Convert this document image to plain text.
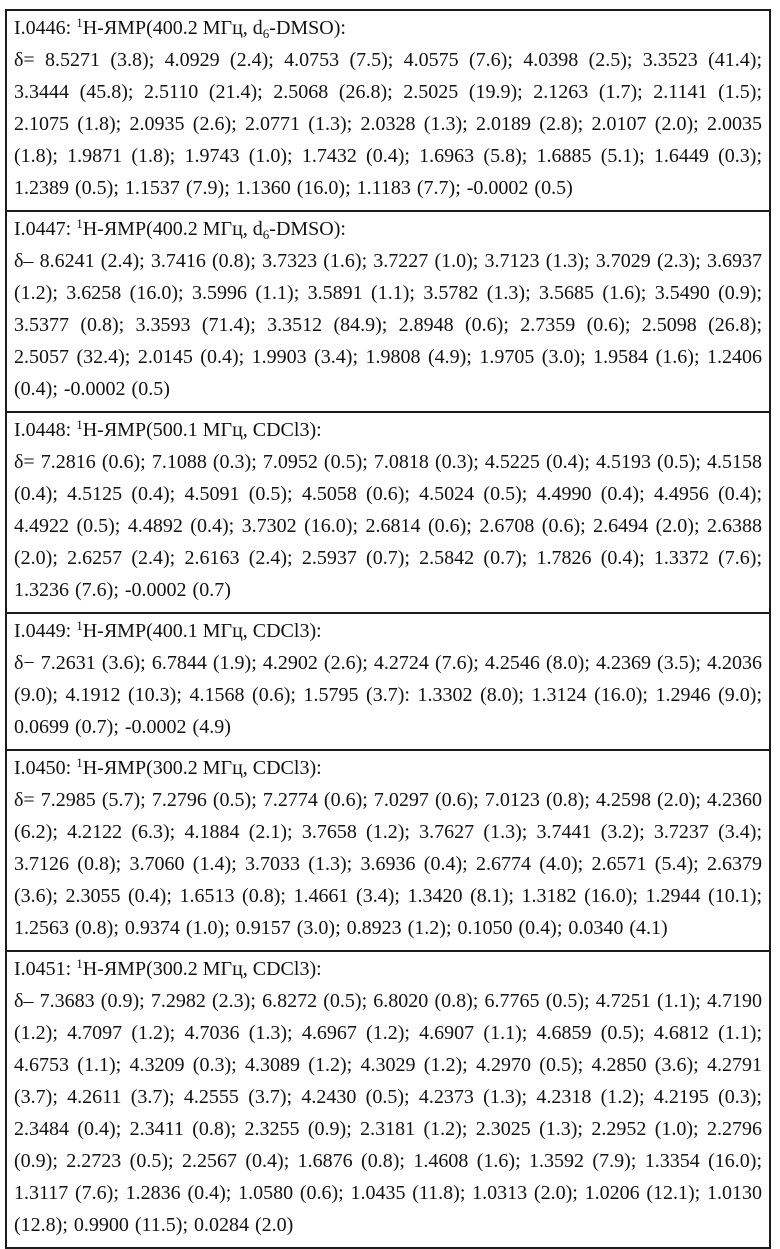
I.0446: $^1$H-ЯМР(400.2 МГц, $d_6-DMSO$):
δ= 8.5271 (3.8); 4.0929 (2.4); 4.0753 (7.5); 4.0575 (7.6); 4.0398 (2.5); 3.3523 (41.4); 3.3444 (45.8); 2.5110 (21.4); 2.5068 (26.8); 2.5025 (19.9); 2.1263 (1.7); 2.1141 (1.5); 2.1075 (1.8); 2.0935 (2.6); 2.0771 (1.3); 2.0328 (1.3); 2.0189 (2.8); 2.0107 (2.0); 2.0035 (1.8); 1.9871 (1.8); 1.9743 (1.0); 1.7432 (0.4); 1.6963 (5.8); 1.6885 (5.1); 1.6449 (0.3); 1.2389 (0.5); 1.1537 (7.9); 1.1360 (16.0); 1.1183 (7.7); -0.0002 (0.5)
I.0447: $^1$H-ЯМР(400.2 МГц, $d_6-DMSO$):
δ– 8.6241 (2.4); 3.7416 (0.8); 3.7323 (1.6); 3.7227 (1.0); 3.7123 (1.3); 3.7029 (2.3); 3.6937 (1.2); 3.6258 (16.0); 3.5996 (1.1); 3.5891 (1.1); 3.5782 (1.3); 3.5685 (1.6); 3.5490 (0.9); 3.5377 (0.8); 3.3593 (71.4); 3.3512 (84.9); 2.8948 (0.6); 2.7359 (0.6); 2.5098 (26.8); 2.5057 (32.4); 2.0145 (0.4); 1.9903 (3.4); 1.9808 (4.9); 1.9705 (3.0); 1.9584 (1.6); 1.2406 (0.4); -0.0002 (0.5)
I.0448: $^1$H-ЯМР(500.1 МГц, CDCl3):
δ= 7.2816 (0.6); 7.1088 (0.3); 7.0952 (0.5); 7.0818 (0.3); 4.5225 (0.4); 4.5193 (0.5); 4.5158 (0.4); 4.5125 (0.4); 4.5091 (0.5); 4.5058 (0.6); 4.5024 (0.5); 4.4990 (0.4); 4.4956 (0.4); 4.4922 (0.5); 4.4892 (0.4); 3.7302 (16.0); 2.6814 (0.6); 2.6708 (0.6); 2.6494 (2.0); 2.6388 (2.0); 2.6257 (2.4); 2.6163 (2.4); 2.5937 (0.7); 2.5842 (0.7); 1.7826 (0.4); 1.3372 (7.6); 1.3236 (7.6); -0.0002 (0.7)
I.0449: $^1$H-ЯМР(400.1 МГц, CDCl3):
δ− 7.2631 (3.6); 6.7844 (1.9); 4.2902 (2.6); 4.2724 (7.6); 4.2546 (8.0); 4.2369 (3.5); 4.2036 (9.0); 4.1912 (10.3); 4.1568 (0.6); 1.5795 (3.7): 1.3302 (8.0); 1.3124 (16.0); 1.2946 (9.0); 0.0699 (0.7); -0.0002 (4.9)
I.0450: $^1$H-ЯМР(300.2 МГц, CDCl3):
δ= 7.2985 (5.7); 7.2796 (0.5); 7.2774 (0.6); 7.0297 (0.6); 7.0123 (0.8); 4.2598 (2.0); 4.2360 (6.2); 4.2122 (6.3); 4.1884 (2.1); 3.7658 (1.2); 3.7627 (1.3); 3.7441 (3.2); 3.7237 (3.4); 3.7126 (0.8); 3.7060 (1.4); 3.7033 (1.3); 3.6936 (0.4); 2.6774 (4.0); 2.6571 (5.4); 2.6379 (3.6); 2.3055 (0.4); 1.6513 (0.8); 1.4661 (3.4); 1.3420 (8.1); 1.3182 (16.0); 1.2944 (10.1); 1.2563 (0.8); 0.9374 (1.0); 0.9157 (3.0); 0.8923 (1.2); 0.1050 (0.4); 0.0340 (4.1)
I.0451: $^1$H-ЯМР(300.2 МГц, CDCl3):
δ– 7.3683 (0.9); 7.2982 (2.3); 6.8272 (0.5); 6.8020 (0.8); 6.7765 (0.5); 4.7251 (1.1); 4.7190 (1.2); 4.7097 (1.2); 4.7036 (1.3); 4.6967 (1.2); 4.6907 (1.1); 4.6859 (0.5); 4.6812 (1.1); 4.6753 (1.1); 4.3209 (0.3); 4.3089 (1.2); 4.3029 (1.2); 4.2970 (0.5); 4.2850 (3.6); 4.2791 (3.7); 4.2611 (3.7); 4.2555 (3.7); 4.2430 (0.5); 4.2373 (1.3); 4.2318 (1.2); 4.2195 (0.3); 2.3484 (0.4); 2.3411 (0.8); 2.3255 (0.9); 2.3181 (1.2); 2.3025 (1.3); 2.2952 (1.0); 2.2796 (0.9); 2.2723 (0.5); 2.2567 (0.4); 1.6876 (0.8); 1.4608 (1.6); 1.3592 (7.9); 1.3354 (16.0); 1.3117 (7.6); 1.2836 (0.4); 1.0580 (0.6); 1.0435 (11.8); 1.0313 (2.0); 1.0206 (12.1); 1.0130 (12.8); 0.9900 (11.5); 0.0284 (2.0)
